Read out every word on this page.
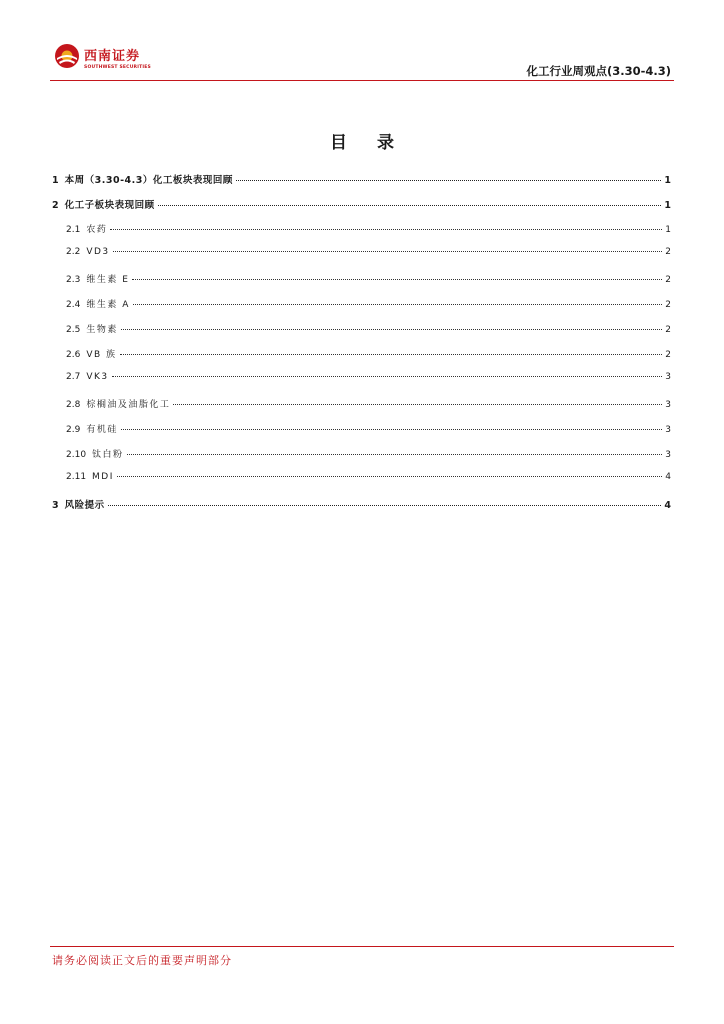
西南证券
SOUTHWEST SECURITIES	化工行业周观点(3.30-4.3)
目 录
1 本周（3.30-4.3）化工板块表现回顾	1
2 化工子板块表现回顾	1
2.1 农药	1
2.2 VD3	2
2.3 维生素 E	2
2.4 维生素 A	2
2.5 生物素	2
2.6 VB 族	2
2.7 VK3	3
2.8 棕榈油及油脂化工	3
2.9 有机硅	3
2.10 钛白粉	3
2.11 MDI	4
3 风险提示	4
请务必阅读正文后的重要声明部分
